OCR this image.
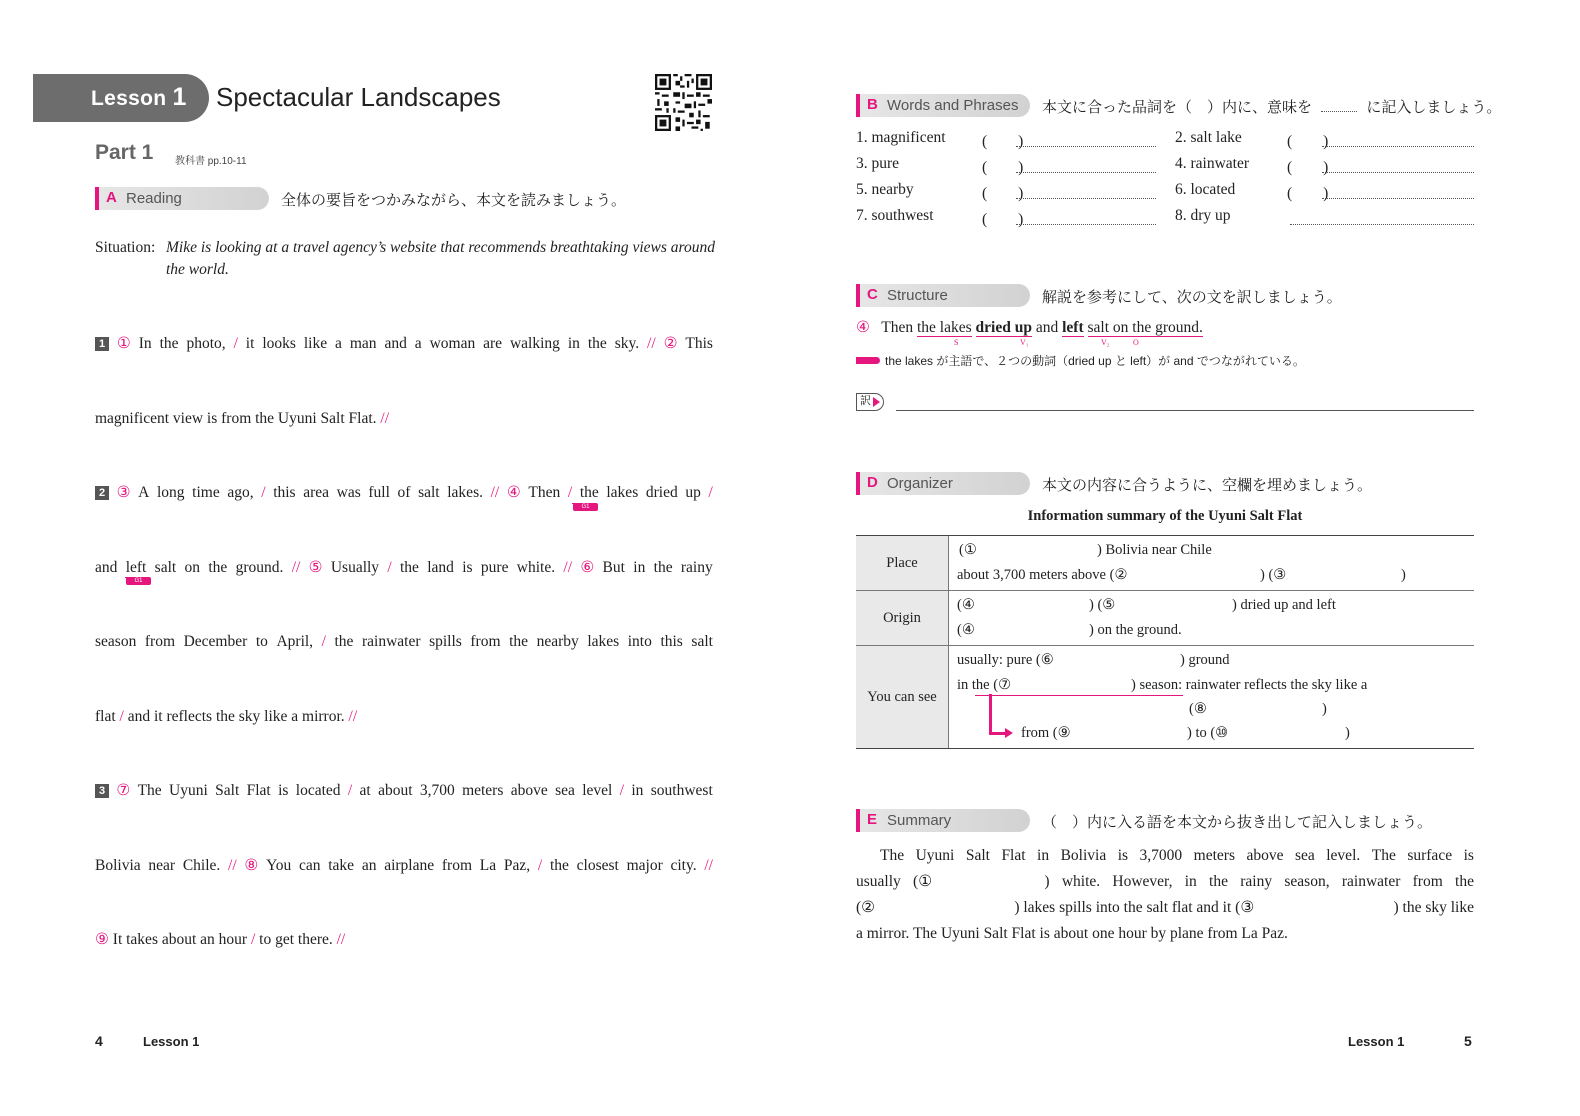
Lesson 1 Spectacular Landscapes
Part 1 教科書 pp.10-11
A Reading	全体の要旨をつかみながら、本文を読みましょう。
Situation: Mike is looking at a travel agency’s website that recommends breathtaking views around the world.
1 ① In the photo, / it looks like a man and a woman are walking in the sky. // ② This
magnificent view is from the Uyuni Salt Flat. //
2 ③ A long time ago, / this area was full of salt lakes. // ④ Then / the lakes dried up /
G1
and left salt on the ground. // ⑤ Usually / the land is pure white. // ⑥ But in the rainy
G1
season from December to April, / the rainwater spills from the nearby lakes into this salt
flat / and it reflects the sky like a mirror. //
3 ⑦ The Uyuni Salt Flat is located / at about 3,700 meters above sea level / in southwest
Bolivia near Chile. // ⑧ You can take an airplane from La Paz, / the closest major city. //
⑨ It takes about an hour / to get there. //
4	Lesson 1
B Words and Phrases 本文に合った品詞を（　）内に、意味を	に記入しましょう。
1. magnificent (　　)	2. salt lake	(　　)
3. pure	(　　)	4. rainwater (　　)
5. nearby	(　　)	6. located	(　　)
7. southwest	(　　)	8. dry up
C Structure	解説を参考にして、次の文を訳しましょう。
④ Then the lakes dried up and left salt on the ground.
S	V₁	V₂	O
the lakes が主語で、２つの動詞（dried up と left）が and でつながれている。
訳
D Organizer	本文の内容に合うように、空欄を埋めましょう。
Information summary of the Uyuni Salt Flat
Place
(①	) Bolivia near Chile
about 3,700 meters above (②	) (③	)
Origin
(④	) (⑤	) dried up and left
(④	) on the ground.
You can see
usually: pure (⑥	) ground
in the (⑦	) season: rainwater reflects the sky like a
(⑧	)
from (⑨	) to (⑩	)
E Summary	（　）内に入る語を本文から抜き出して記入しましょう。
The Uyuni Salt Flat in Bolivia is 3,7000 meters above sea level. The surface is
usually (①	) white. However, in the rainy season, rainwater from the
(②	) lakes spills into the salt flat and it (③	) the sky like
a mirror. The Uyuni Salt Flat is about one hour by plane from La Paz.
Lesson 1	5
